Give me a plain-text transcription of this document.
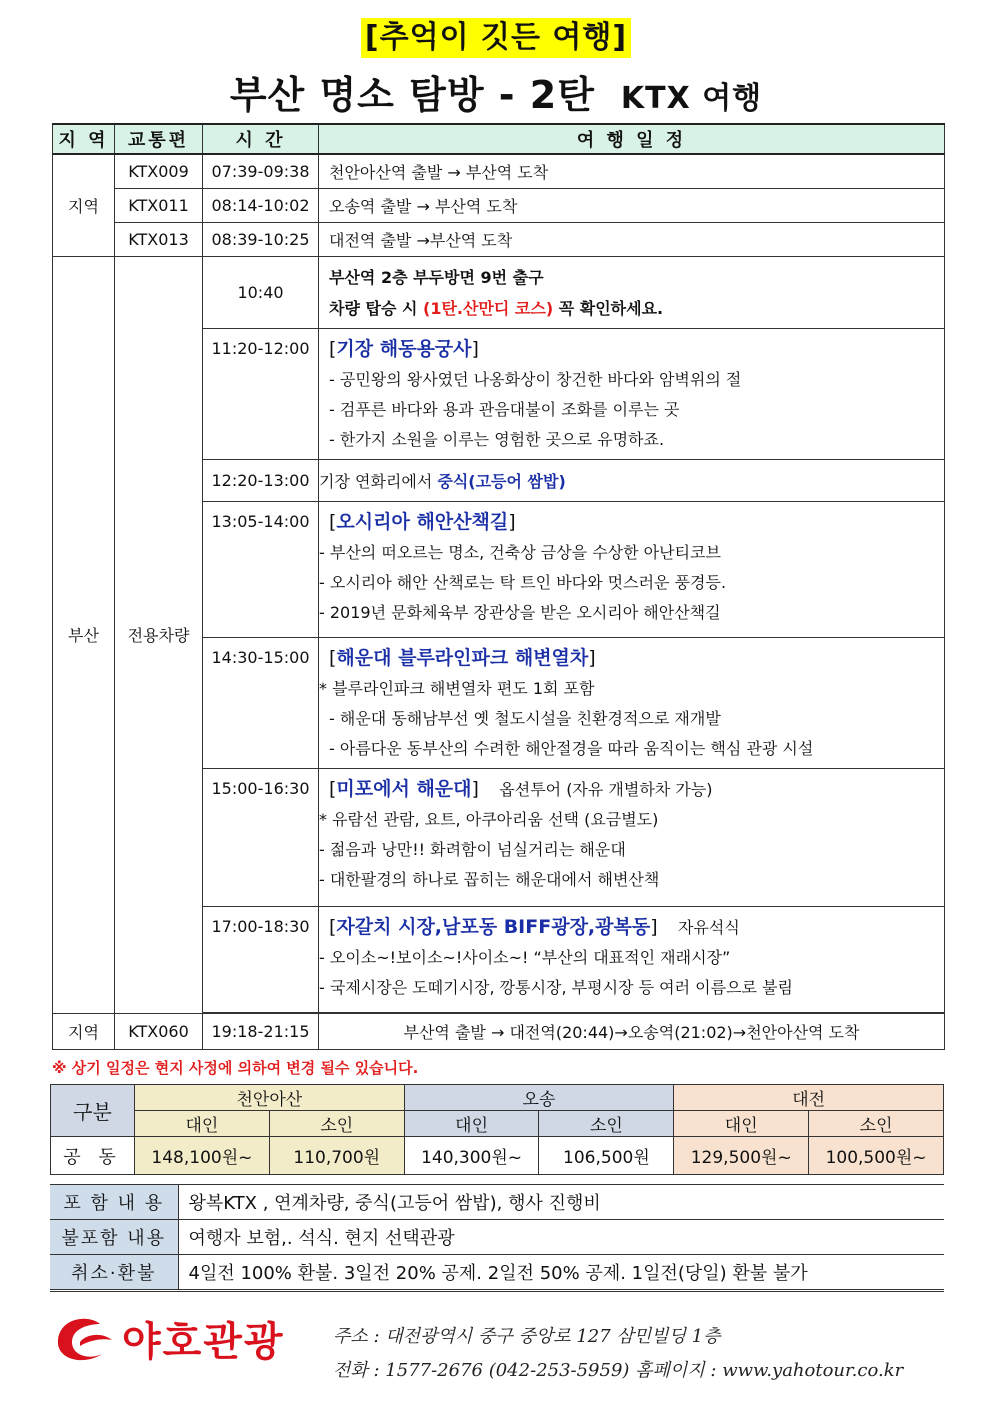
[추억이 깃든 여행]
부산 명소 탐방 - 2탄 KTX 여행
지 역	교통편	시 간	여 행 일 정
지역	KTX009	07:39-09:38	천안아산역 출발 → 부산역 도착
	KTX011	08:14-10:02	오송역 출발 → 부산역 도착
	KTX013	08:39-10:25	대전역 출발 →부산역 도착
부산	전용차량	10:40	부산역 2층 부두방면 9번 출구
차량 탑승 시 (1탄.산만디 코스) 꼭 확인하세요.

		11:20-12:00	[기장 해동용궁사]
- 공민왕의 왕사였던 나옹화상이 창건한 바다와 암벽위의 절
- 검푸른 바다와 용과 관음대불이 조화를 이루는 곳
- 한가지 소원을 이루는 영험한 곳으로 유명하죠.

		12:20-13:00	기장 연화리에서 중식(고등어 쌈밥)
		13:05-14:00	[오시리아 해안산책길]
- 부산의 떠오르는 명소, 건축상 금상을 수상한 아난티코브
- 오시리아 해안 산책로는 탁 트인 바다와 멋스러운 풍경등.
- 2019년 문화체육부 장관상을 받은 오시리아 해안산책길

		14:30-15:00	[해운대 블루라인파크 해변열차]
* 블루라인파크 해변열차 편도 1회 포함
- 해운대 동해남부선 옛 철도시설을 친환경적으로 재개발
- 아름다운 동부산의 수려한 해안절경을 따라 움직이는 핵심 관광 시설

		15:00-16:30	[미포에서 해운대] 옵션투어 (자유 개별하차 가능)
* 유람선 관람, 요트, 아쿠아리움 선택 (요금별도)
- 젊음과 낭만!! 화려함이 넘실거리는 해운대
- 대한팔경의 하나로 꼽히는 해운대에서 해변산책

		17:00-18:30	[자갈치 시장,남포동 BIFF광장,광복동] 자유석식
- 오이소~!보이소~!사이소~! “부산의 대표적인 재래시장”
- 국제시장은 도떼기시장, 깡통시장, 부평시장 등 여러 이름으로 불림

지역	KTX060	19:18-21:15	부산역 출발 → 대전역(20:44)→오송역(21:02)→천안아산역 도착
※ 상기 일정은 현지 사정에 의하여 변경 될수 있습니다.
구분	천안아산		오송		대전	
	대인	소인	대인	소인	대인	소인
공 동	148,100원~	110,700원	140,300원~	106,500원	129,500원~	100,500원~
포 함 내 용	왕복KTX , 연계차량, 중식(고등어 쌈밥), 행사 진행비
불포함 내용	여행자 보험,. 석식. 현지 선택관광
취소·환불	4일전 100% 환불. 3일전 20% 공제. 2일전 50% 공제. 1일전(당일) 환불 불가
야호관광	주소 : 대전광역시 중구 중앙로 127 삼민빌딩 1층
전화 : 1577-2676 (042-253-5959) 홈페이지 : www.yahotour.co.kr
